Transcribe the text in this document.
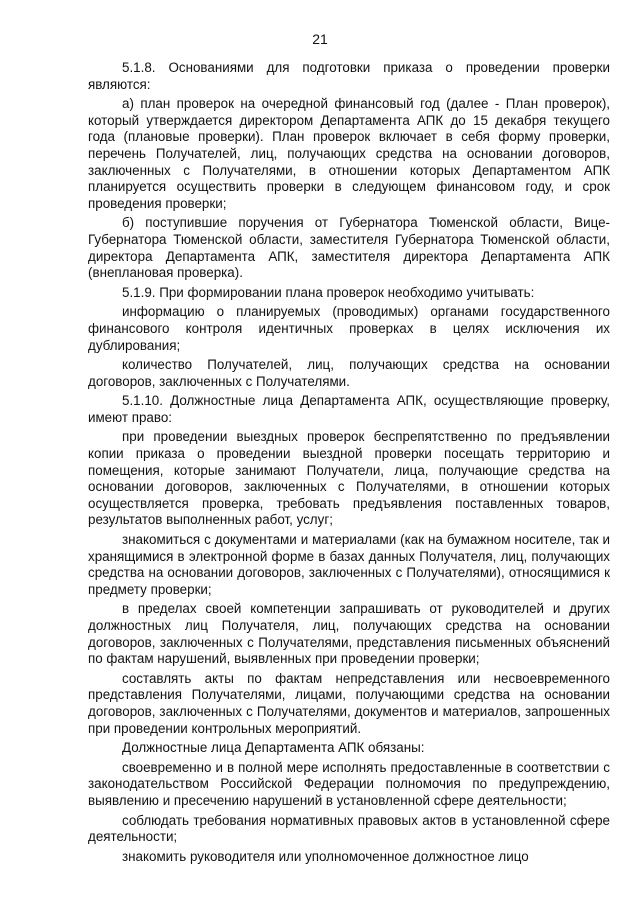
21

5.1.8. Основаниями для подготовки приказа о проведении проверки являются:

а) план проверок на очередной финансовый год (далее - План проверок), который утверждается директором Департамента АПК до 15 декабря текущего года (плановые проверки). План проверок включает в себя форму проверки, перечень Получателей, лиц, получающих средства на основании договоров, заключенных с Получателями, в отношении которых Департаментом АПК планируется осуществить проверки в следующем финансовом году, и срок проведения проверки;

б) поступившие поручения от Губернатора Тюменской области, Вице-Губернатора Тюменской области, заместителя Губернатора Тюменской области, директора Департамента АПК, заместителя директора Департамента АПК (внеплановая проверка).

5.1.9. При формировании плана проверок необходимо учитывать:

информацию о планируемых (проводимых) органами государственного финансового контроля идентичных проверках в целях исключения их дублирования;

количество Получателей, лиц, получающих средства на основании договоров, заключенных с Получателями.

5.1.10. Должностные лица Департамента АПК, осуществляющие проверку, имеют право:

при проведении выездных проверок беспрепятственно по предъявлении копии приказа о проведении выездной проверки посещать территорию и помещения, которые занимают Получатели, лица, получающие средства на основании договоров, заключенных с Получателями, в отношении которых осуществляется проверка, требовать предъявления поставленных товаров, результатов выполненных работ, услуг;

знакомиться с документами и материалами (как на бумажном носителе, так и хранящимися в электронной форме в базах данных Получателя, лиц, получающих средства на основании договоров, заключенных с Получателями), относящимися к предмету проверки;

в пределах своей компетенции запрашивать от руководителей и других должностных лиц Получателя, лиц, получающих средства на основании договоров, заключенных с Получателями, представления письменных объяснений по фактам нарушений, выявленных при проведении проверки;

составлять акты по фактам непредставления или несвоевременного представления Получателями, лицами, получающими средства на основании договоров, заключенных с Получателями, документов и материалов, запрошенных при проведении контрольных мероприятий.

Должностные лица Департамента АПК обязаны:

своевременно и в полной мере исполнять предоставленные в соответствии с законодательством Российской Федерации полномочия по предупреждению, выявлению и пресечению нарушений в установленной сфере деятельности;

соблюдать требования нормативных правовых актов в установленной сфере деятельности;

знакомить руководителя или уполномоченное должностное лицо
